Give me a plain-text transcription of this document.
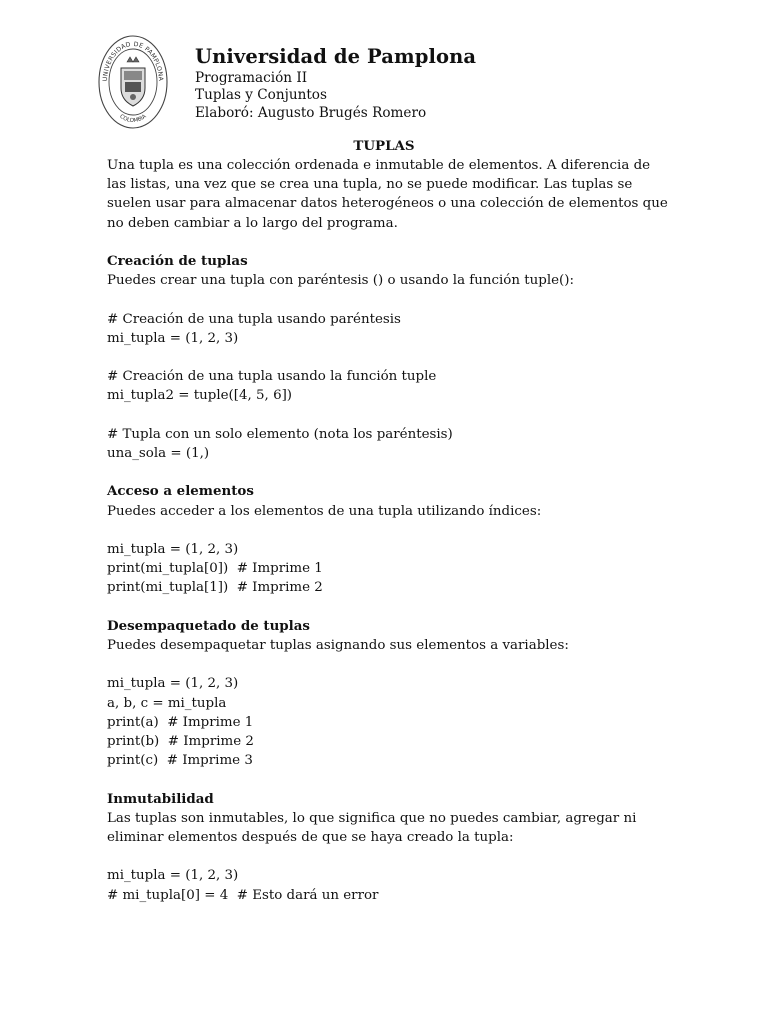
UNIVERSIDAD DE PAMPLONA
COLOMBIA
Universidad de Pamplona
Programación II
Tuplas y Conjuntos
Elaboró: Augusto Brugés Romero
TUPLAS

Una tupla es una colección ordenada e inmutable de elementos. A diferencia de

las listas, una vez que se crea una tupla, no se puede modificar. Las tuplas se

suelen usar para almacenar datos heterogéneos o una colección de elementos que

no deben cambiar a lo largo del programa.

Creación de tuplas

Puedes crear una tupla con paréntesis () o usando la función tuple():

# Creación de una tupla usando paréntesis

mi_tupla = (1, 2, 3)

# Creación de una tupla usando la función tuple

mi_tupla2 = tuple([4, 5, 6])

# Tupla con un solo elemento (nota los paréntesis)

una_sola = (1,)

Acceso a elementos

Puedes acceder a los elementos de una tupla utilizando índices:

mi_tupla = (1, 2, 3)

print(mi_tupla[0])  # Imprime 1

print(mi_tupla[1])  # Imprime 2

Desempaquetado de tuplas

Puedes desempaquetar tuplas asignando sus elementos a variables:

mi_tupla = (1, 2, 3)

a, b, c = mi_tupla

print(a)  # Imprime 1

print(b)  # Imprime 2

print(c)  # Imprime 3

Inmutabilidad

Las tuplas son inmutables, lo que significa que no puedes cambiar, agregar ni

eliminar elementos después de que se haya creado la tupla:

mi_tupla = (1, 2, 3)

# mi_tupla[0] = 4  # Esto dará un error
